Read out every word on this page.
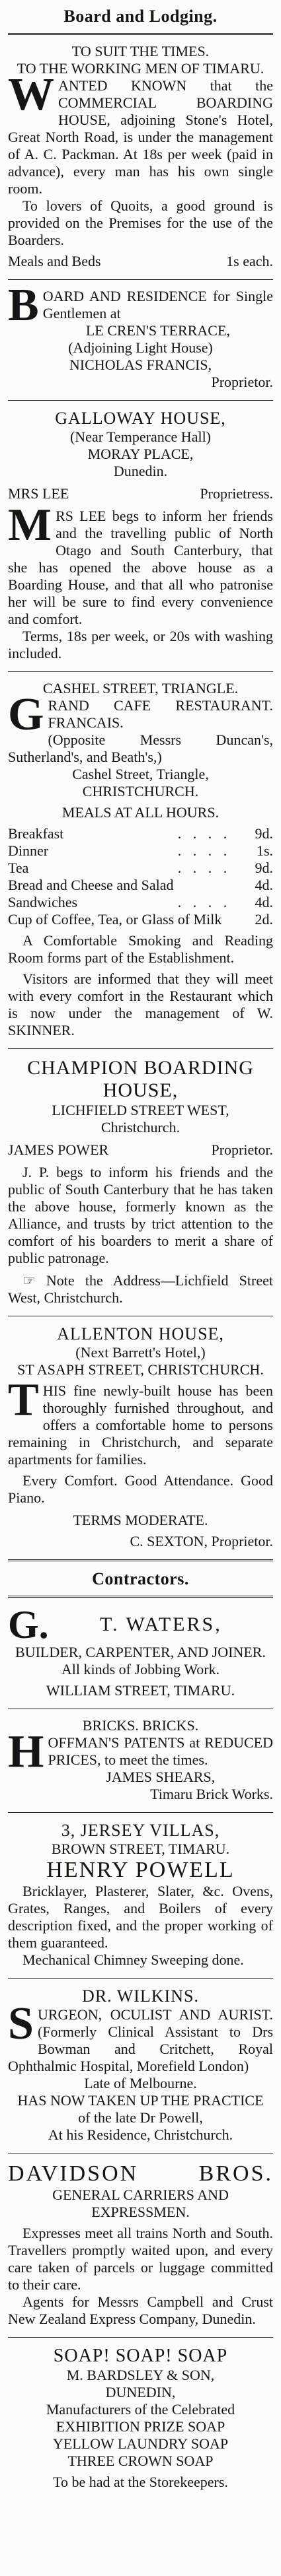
Board and Lodging.
TO SUIT THE TIMES.
TO THE WORKING MEN OF TIMARU.
WANTED KNOWN that the COMMERCIAL BOARDING HOUSE, adjoining Stone's Hotel, Great North Road, is under the management of A. C. Packman. At 18s per week (paid in advance), every man has his own single room.
To lovers of Quoits, a good ground is provided on the Premises for the use of the Boarders.
Meals and Beds	1s each.
BOARD AND RESIDENCE for Single Gentlemen at
LE CREN'S TERRACE,
(Adjoining Light House)
NICHOLAS FRANCIS,
Proprietor.
GALLOWAY HOUSE,
(Near Temperance Hall)
MORAY PLACE,
Dunedin.
MRS LEE	Proprietress.
MRS LEE begs to inform her friends and the travelling public of North Otago and South Canterbury, that she has opened the above house as a Boarding House, and that all who patronise her will be sure to find every convenience and comfort.
Terms, 18s per week, or 20s with washing included.
CASHEL STREET, TRIANGLE.
GRAND CAFE RESTAURANT. FRANCAIS.
(Opposite Messrs Duncan's, Sutherland's, and Beath's,)
Cashel Street, Triangle,
CHRISTCHURCH.
MEALS AT ALL HOURS.
Breakfast	. . . .	9d.
Dinner	. . . .	1s.
Tea	. . . .	9d.
Bread and Cheese and Salad	4d.
Sandwiches	. . . .	4d.
Cup of Coffee, Tea, or Glass of Milk	2d.
A Comfortable Smoking and Reading Room forms part of the Establishment.
Visitors are informed that they will meet with every comfort in the Restaurant which is now under the management of W. SKINNER.
CHAMPION BOARDING HOUSE,
LICHFIELD STREET WEST,
Christchurch.
JAMES POWER	Proprietor.
J. P. begs to inform his friends and the public of South Canterbury that he has taken the above house, formerly known as the Alliance, and trusts by trict attention to the comfort of his boarders to merit a share of public patronage.
☞ Note the Address—Lichfield Street West, Christchurch.
ALLENTON HOUSE,
(Next Barrett's Hotel,)
ST ASAPH STREET, CHRISTCHURCH.
THIS fine newly-built house has been thoroughly furnished throughout, and offers a comfortable home to persons remaining in Christchurch, and separate apartments for families.
Every Comfort. Good Attendance. Good Piano.
TERMS MODERATE.
C. SEXTON, Proprietor.
Contractors.
G.	T. WATERS,
BUILDER, CARPENTER, AND JOINER.
All kinds of Jobbing Work.
WILLIAM STREET, TIMARU.
BRICKS. BRICKS.
HOFFMAN'S PATENTS at REDUCED PRICES, to meet the times.
JAMES SHEARS,
Timaru Brick Works.
3, JERSEY VILLAS,
BROWN STREET, TIMARU.
HENRY POWELL
Bricklayer, Plasterer, Slater, &c. Ovens, Grates, Ranges, and Boilers of every description fixed, and the proper working of them guaranteed.
Mechanical Chimney Sweeping done.
DR. WILKINS.
SURGEON, OCULIST AND AURIST. (Formerly Clinical Assistant to Drs Bowman and Critchett, Royal Ophthalmic Hospital, Morefield London)
Late of Melbourne.
HAS NOW TAKEN UP THE PRACTICE
of the late Dr Powell,
At his Residence, Christchurch.
DAVIDSON	BROS.
GENERAL CARRIERS AND EXPRESSMEN.
Expresses meet all trains North and South. Travellers promptly waited upon, and every care taken of parcels or luggage committed to their care.
Agents for Messrs Campbell and Crust New Zealand Express Company, Dunedin.
SOAP! SOAP! SOAP
M. BARDSLEY & SON,
DUNEDIN,
Manufacturers of the Celebrated
EXHIBITION PRIZE SOAP
YELLOW LAUNDRY SOAP
THREE CROWN SOAP
To be had at the Storekeepers.
